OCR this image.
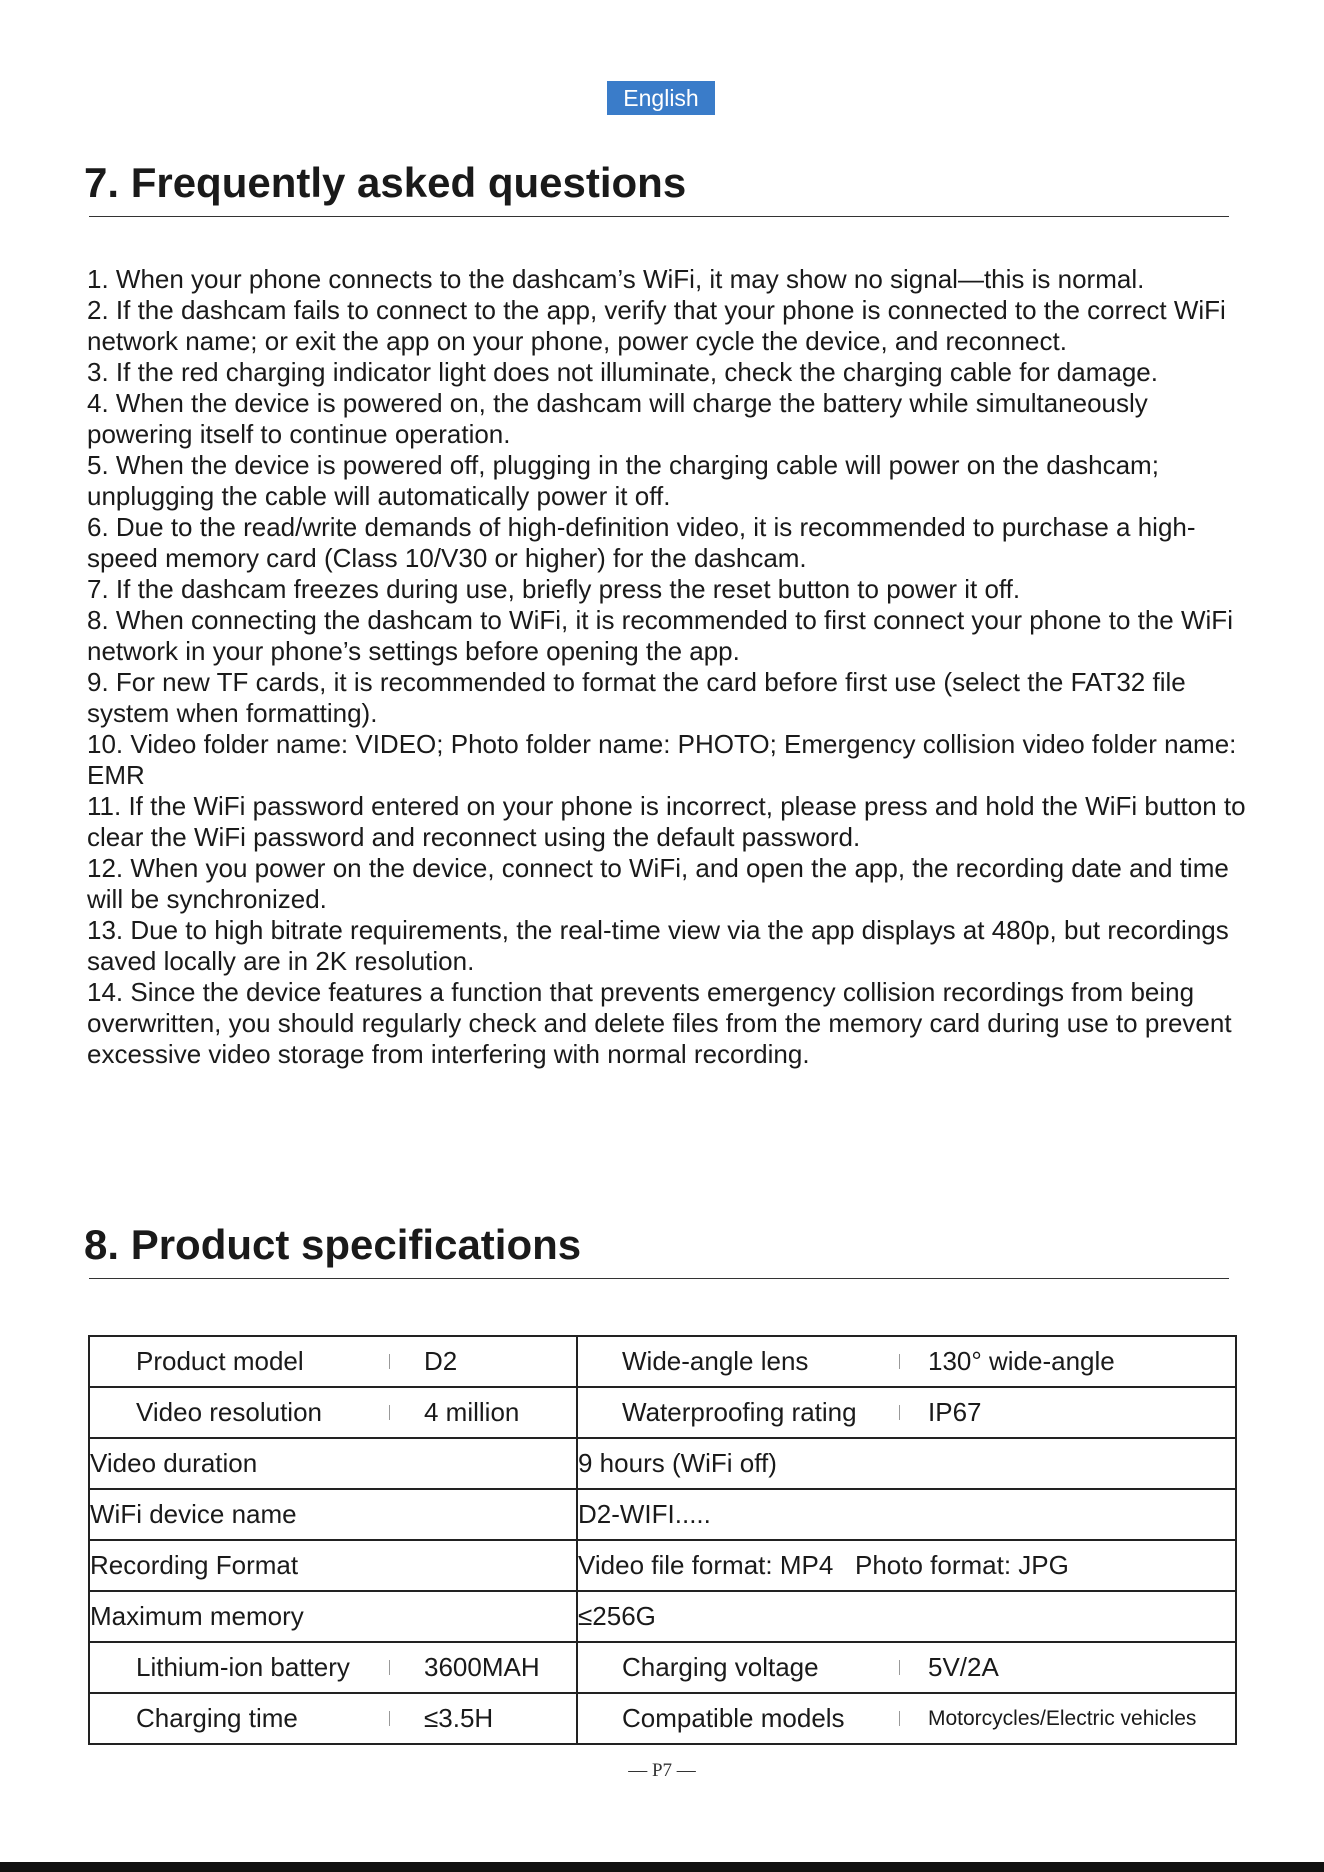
English
7. Frequently asked questions
1. When your phone connects to the dashcam’s WiFi, it may show no signal—this is normal.
2. If the dashcam fails to connect to the app, verify that your phone is connected to the correct WiFi network name; or exit the app on your phone, power cycle the device, and reconnect.
3. If the red charging indicator light does not illuminate, check the charging cable for damage.
4. When the device is powered on, the dashcam will charge the battery while simultaneously powering itself to continue operation.
5. When the device is powered off, plugging in the charging cable will power on the dashcam; unplugging the cable will automatically power it off.
6. Due to the read/write demands of high-definition video, it is recommended to purchase a high-speed memory card (Class 10/V30 or higher) for the dashcam.
7. If the dashcam freezes during use, briefly press the reset button to power it off.
8. When connecting the dashcam to WiFi, it is recommended to first connect your phone to the WiFi network in your phone’s settings before opening the app.
9. For new TF cards, it is recommended to format the card before first use (select the FAT32 file system when formatting).
10. Video folder name: VIDEO; Photo folder name: PHOTO; Emergency collision video folder name: EMR
11. If the WiFi password entered on your phone is incorrect, please press and hold the WiFi button to clear the WiFi password and reconnect using the default password.
12. When you power on the device, connect to WiFi, and open the app, the recording date and time will be synchronized.
13. Due to high bitrate requirements, the real-time view via the app displays at 480p, but recordings saved locally are in 2K resolution.
14. Since the device features a function that prevents emergency collision recordings from being overwritten, you should regularly check and delete files from the memory card during use to prevent excessive video storage from interfering with normal recording.
8. Product specifications
Product model D2	Wide-angle lens 130° wide-angle

Video resolution 4 million	Waterproofing rating IP67

Video duration	9 hours (WiFi off)
WiFi device name	D2-WIFI.....
Recording Format	Video file format: MP4   Photo format: JPG
Maximum memory	≤256G

Lithium-ion battery 3600MAH	Charging voltage 5V/2A

Charging time ≤3.5H	Compatible models Motorcycles/Electric vehicles
— P7 —
